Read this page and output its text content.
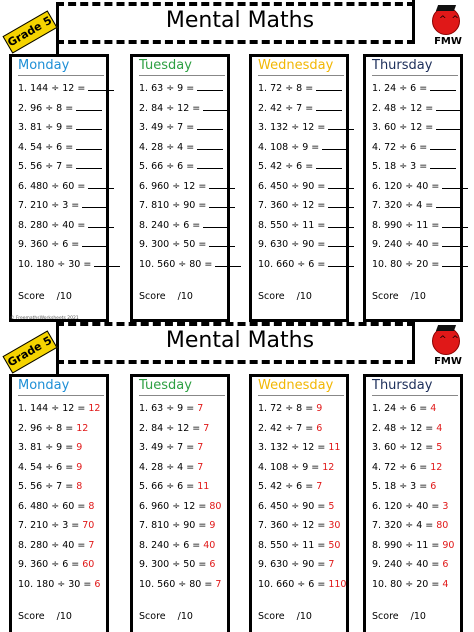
Mental Maths
Grade 5	^ ^
FMW
Monday
1. 144 ÷ 12 =
2. 96 ÷ 8 =
3. 81 ÷ 9 =
4. 54 ÷ 6 =
5. 56 ÷ 7 =
6. 480 ÷ 60 =
7. 210 ÷ 3 =
8. 280 ÷ 40 =
9. 360 ÷ 6 =
10. 180 ÷ 30 =
Score    /10
Tuesday
1. 63 ÷ 9 =
2. 84 ÷ 12 =
3. 49 ÷ 7 =
4. 28 ÷ 4 =
5. 66 ÷ 6 =
6. 960 ÷ 12 =
7. 810 ÷ 90 =
8. 240 ÷ 6 =
9. 300 ÷ 50 =
10. 560 ÷ 80 =
Score    /10
Wednesday
1. 72 ÷ 8 =
2. 42 ÷ 7 =
3. 132 ÷ 12 =
4. 108 ÷ 9 =
5. 42 ÷ 6 =
6. 450 ÷ 90 =
7. 360 ÷ 12 =
8. 550 ÷ 11 =
9. 630 ÷ 90 =
10. 660 ÷ 6 =
Score    /10
Thursday
1. 24 ÷ 6 =
2. 48 ÷ 12 =
3. 60 ÷ 12 =
4. 72 ÷ 6 =
5. 18 ÷ 3 =
6. 120 ÷ 40 =
7. 320 ÷ 4 =
8. 990 ÷ 11 =
9. 240 ÷ 40 =
10. 80 ÷ 20 =
Score    /10
Mental Maths
Grade 5	^ ^
FMW
Monday
1. 144 ÷ 12 = 12
2. 96 ÷ 8 = 12
3. 81 ÷ 9 = 9
4. 54 ÷ 6 = 9
5. 56 ÷ 7 = 8
6. 480 ÷ 60 = 8
7. 210 ÷ 3 = 70
8. 280 ÷ 40 = 7
9. 360 ÷ 6 = 60
10. 180 ÷ 30 = 6
Score    /10
Tuesday
1. 63 ÷ 9 = 7
2. 84 ÷ 12 = 7
3. 49 ÷ 7 = 7
4. 28 ÷ 4 = 7
5. 66 ÷ 6 = 11
6. 960 ÷ 12 = 80
7. 810 ÷ 90 = 9
8. 240 ÷ 6 = 40
9. 300 ÷ 50 = 6
10. 560 ÷ 80 = 7
Score    /10
Wednesday
1. 72 ÷ 8 = 9
2. 42 ÷ 7 = 6
3. 132 ÷ 12 = 11
4. 108 ÷ 9 = 12
5. 42 ÷ 6 = 7
6. 450 ÷ 90 = 5
7. 360 ÷ 12 = 30
8. 550 ÷ 11 = 50
9. 630 ÷ 90 = 7
10. 660 ÷ 6 = 110
Score    /10
Thursday
1. 24 ÷ 6 = 4
2. 48 ÷ 12 = 4
3. 60 ÷ 12 = 5
4. 72 ÷ 6 = 12
5. 18 ÷ 3 = 6
6. 120 ÷ 40 = 3
7. 320 ÷ 4 = 80
8. 990 ÷ 11 = 90
9. 240 ÷ 40 = 6
10. 80 ÷ 20 = 4
Score    /10
© FreemathsWorksheets 2021
